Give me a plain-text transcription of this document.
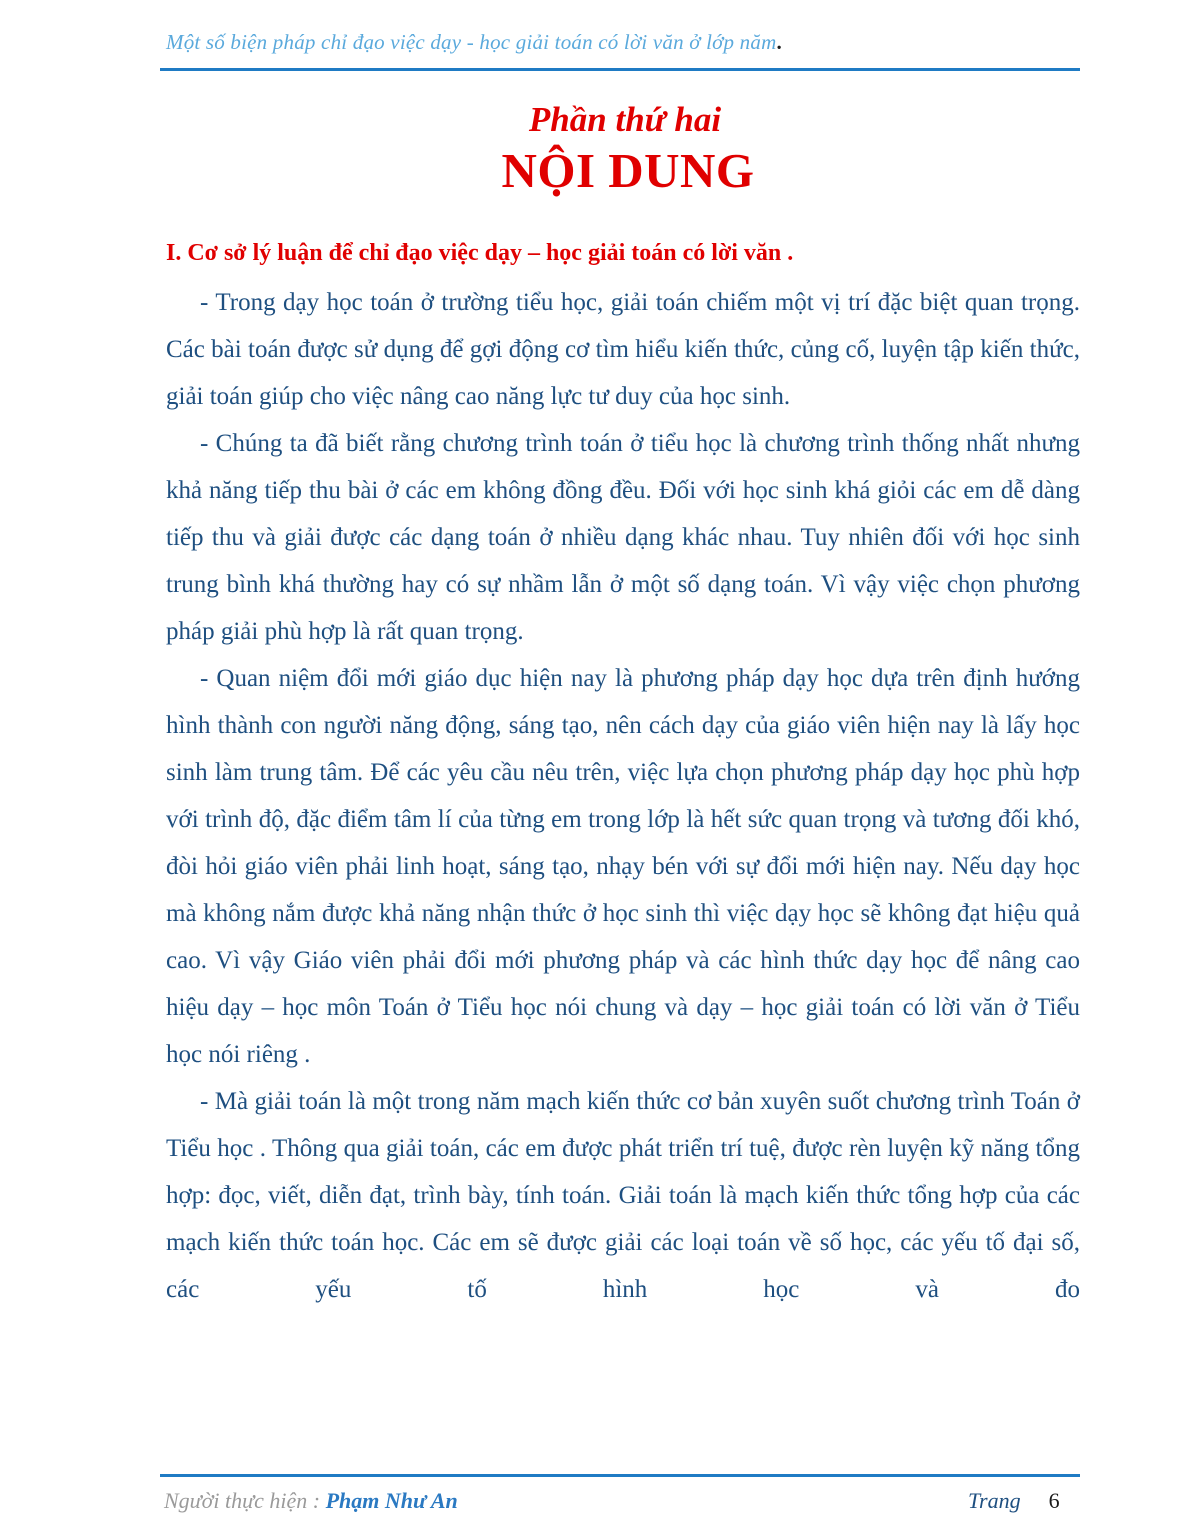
Một số biện pháp chỉ đạo việc dạy - học giải toán có lời văn ở lớp năm.
Phần thứ hai
NỘI DUNG
I. Cơ sở lý luận để chỉ đạo việc dạy – học giải toán có lời văn .

- Trong dạy học toán ở trường tiểu học, giải toán chiếm một vị trí đặc biệt quan trọng. Các bài toán được sử dụng để gợi động cơ tìm hiểu kiến thức, củng cố, luyện tập kiến thức, giải toán giúp cho việc nâng cao năng lực tư duy của học sinh.

- Chúng ta đã biết rằng chương trình toán ở tiểu học là chương trình thống nhất nhưng khả năng tiếp thu bài ở các em không đồng đều. Đối với học sinh khá giỏi các em dễ dàng tiếp thu và giải được các dạng toán ở nhiều dạng khác nhau. Tuy nhiên đối với học sinh trung bình khá thường hay có sự nhầm lẫn ở một số dạng toán. Vì vậy việc chọn phương pháp giải phù hợp là rất quan trọng.

- Quan niệm đổi mới giáo dục hiện nay là phương pháp dạy học dựa trên định hướng hình thành con người năng động, sáng tạo, nên cách dạy của giáo viên hiện nay là lấy học sinh làm trung tâm. Để các yêu cầu nêu trên, việc lựa chọn phương pháp dạy học phù hợp với trình độ, đặc điểm tâm lí của từng em trong lớp là hết sức quan trọng và tương đối khó, đòi hỏi giáo viên phải linh hoạt, sáng tạo, nhạy bén với sự đổi mới hiện nay. Nếu dạy học mà không nắm được khả năng nhận thức ở học sinh thì việc dạy học sẽ không đạt hiệu quả cao. Vì vậy Giáo viên phải đổi mới phương pháp và các hình thức dạy học để nâng cao hiệu dạy – học môn Toán ở Tiểu học nói chung và dạy – học giải toán có lời văn ở Tiểu học nói riêng .

- Mà giải toán là một trong năm mạch kiến thức cơ bản xuyên suốt chương trình Toán ở Tiểu học . Thông qua giải toán, các em được phát triển trí tuệ, được rèn luyện kỹ năng tổng hợp: đọc, viết, diễn đạt, trình bày, tính toán. Giải toán là mạch kiến thức tổng hợp của các mạch kiến thức toán học. Các em sẽ được giải các loại toán về số học, các yếu tố đại số, các yếu tố hình học và đo

Người thực hiện : Phạm Như An	Trang 6
